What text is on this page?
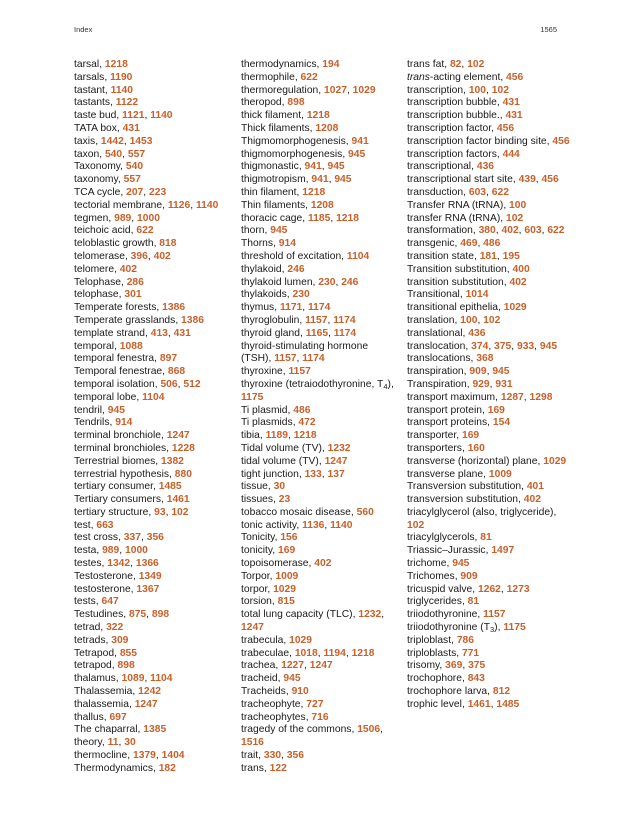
Index	1565
tarsal, 1218
tarsals, 1190
tastant, 1140
tastants, 1122
taste bud, 1121, 1140
TATA box, 431
taxis, 1442, 1453
taxon, 540, 557
Taxonomy, 540
taxonomy, 557
TCA cycle, 207, 223
tectorial membrane, 1126, 1140
tegmen, 989, 1000
teichoic acid, 622
teloblastic growth, 818
telomerase, 396, 402
telomere, 402
Telophase, 286
telophase, 301
Temperate forests, 1386
Temperate grasslands, 1386
template strand, 413, 431
temporal, 1088
temporal fenestra, 897
Temporal fenestrae, 868
temporal isolation, 506, 512
temporal lobe, 1104
tendril, 945
Tendrils, 914
terminal bronchiole, 1247
terminal bronchioles, 1228
Terrestrial biomes, 1382
terrestrial hypothesis, 880
tertiary consumer, 1485
Tertiary consumers, 1461
tertiary structure, 93, 102
test, 663
test cross, 337, 356
testa, 989, 1000
testes, 1342, 1366
Testosterone, 1349
testosterone, 1367
tests, 647
Testudines, 875, 898
tetrad, 322
tetrads, 309
Tetrapod, 855
tetrapod, 898
thalamus, 1089, 1104
Thalassemia, 1242
thalassemia, 1247
thallus, 697
The chaparral, 1385
theory, 11, 30
thermocline, 1379, 1404
Thermodynamics, 182
thermodynamics, 194
thermophile, 622
thermoregulation, 1027, 1029
theropod, 898
thick filament, 1218
Thick filaments, 1208
Thigmomorphogenesis, 941
thigmomorphogenesis, 945
thigmonastic, 941, 945
thigmotropism, 941, 945
thin filament, 1218
Thin filaments, 1208
thoracic cage, 1185, 1218
thorn, 945
Thorns, 914
threshold of excitation, 1104
thylakoid, 246
thylakoid lumen, 230, 246
thylakoids, 230
thymus, 1171, 1174
thyroglobulin, 1157, 1174
thyroid gland, 1165, 1174
thyroid-stimulating hormone (TSH), 1157, 1174
thyroxine, 1157
thyroxine (tetraiodothyronine, T4), 1175
Ti plasmid, 486
Ti plasmids, 472
tibia, 1189, 1218
Tidal volume (TV), 1232
tidal volume (TV), 1247
tight junction, 133, 137
tissue, 30
tissues, 23
tobacco mosaic disease, 560
tonic activity, 1136, 1140
Tonicity, 156
tonicity, 169
topoisomerase, 402
Torpor, 1009
torpor, 1029
torsion, 815
total lung capacity (TLC), 1232, 1247
trabecula, 1029
trabeculae, 1018, 1194, 1218
trachea, 1227, 1247
tracheid, 945
Tracheids, 910
tracheophyte, 727
tracheophytes, 716
tragedy of the commons, 1506, 1516
trait, 330, 356
trans, 122
trans fat, 82, 102
trans-acting element, 456
transcription, 100, 102
transcription bubble, 431
transcription bubble., 431
transcription factor, 456
transcription factor binding site, 456
transcription factors, 444
transcriptional, 436
transcriptional start site, 439, 456
transduction, 603, 622
Transfer RNA (tRNA), 100
transfer RNA (tRNA), 102
transformation, 380, 402, 603, 622
transgenic, 469, 486
transition state, 181, 195
Transition substitution, 400
transition substitution, 402
Transitional, 1014
transitional epithelia, 1029
translation, 100, 102
translational, 436
translocation, 374, 375, 933, 945
translocations, 368
transpiration, 909, 945
Transpiration, 929, 931
transport maximum, 1287, 1298
transport protein, 169
transport proteins, 154
transporter, 169
transporters, 160
transverse (horizontal) plane, 1029
transverse plane, 1009
Transversion substitution, 401
transversion substitution, 402
triacylglycerol (also, triglyceride), 102
triacylglycerols, 81
Triassic–Jurassic, 1497
trichome, 945
Trichomes, 909
tricuspid valve, 1262, 1273
triglycerides, 81
triiodothyronine, 1157
triiodothyronine (T3), 1175
triploblast, 786
triploblasts, 771
trisomy, 369, 375
trochophore, 843
trochophore larva, 812
trophic level, 1461, 1485
